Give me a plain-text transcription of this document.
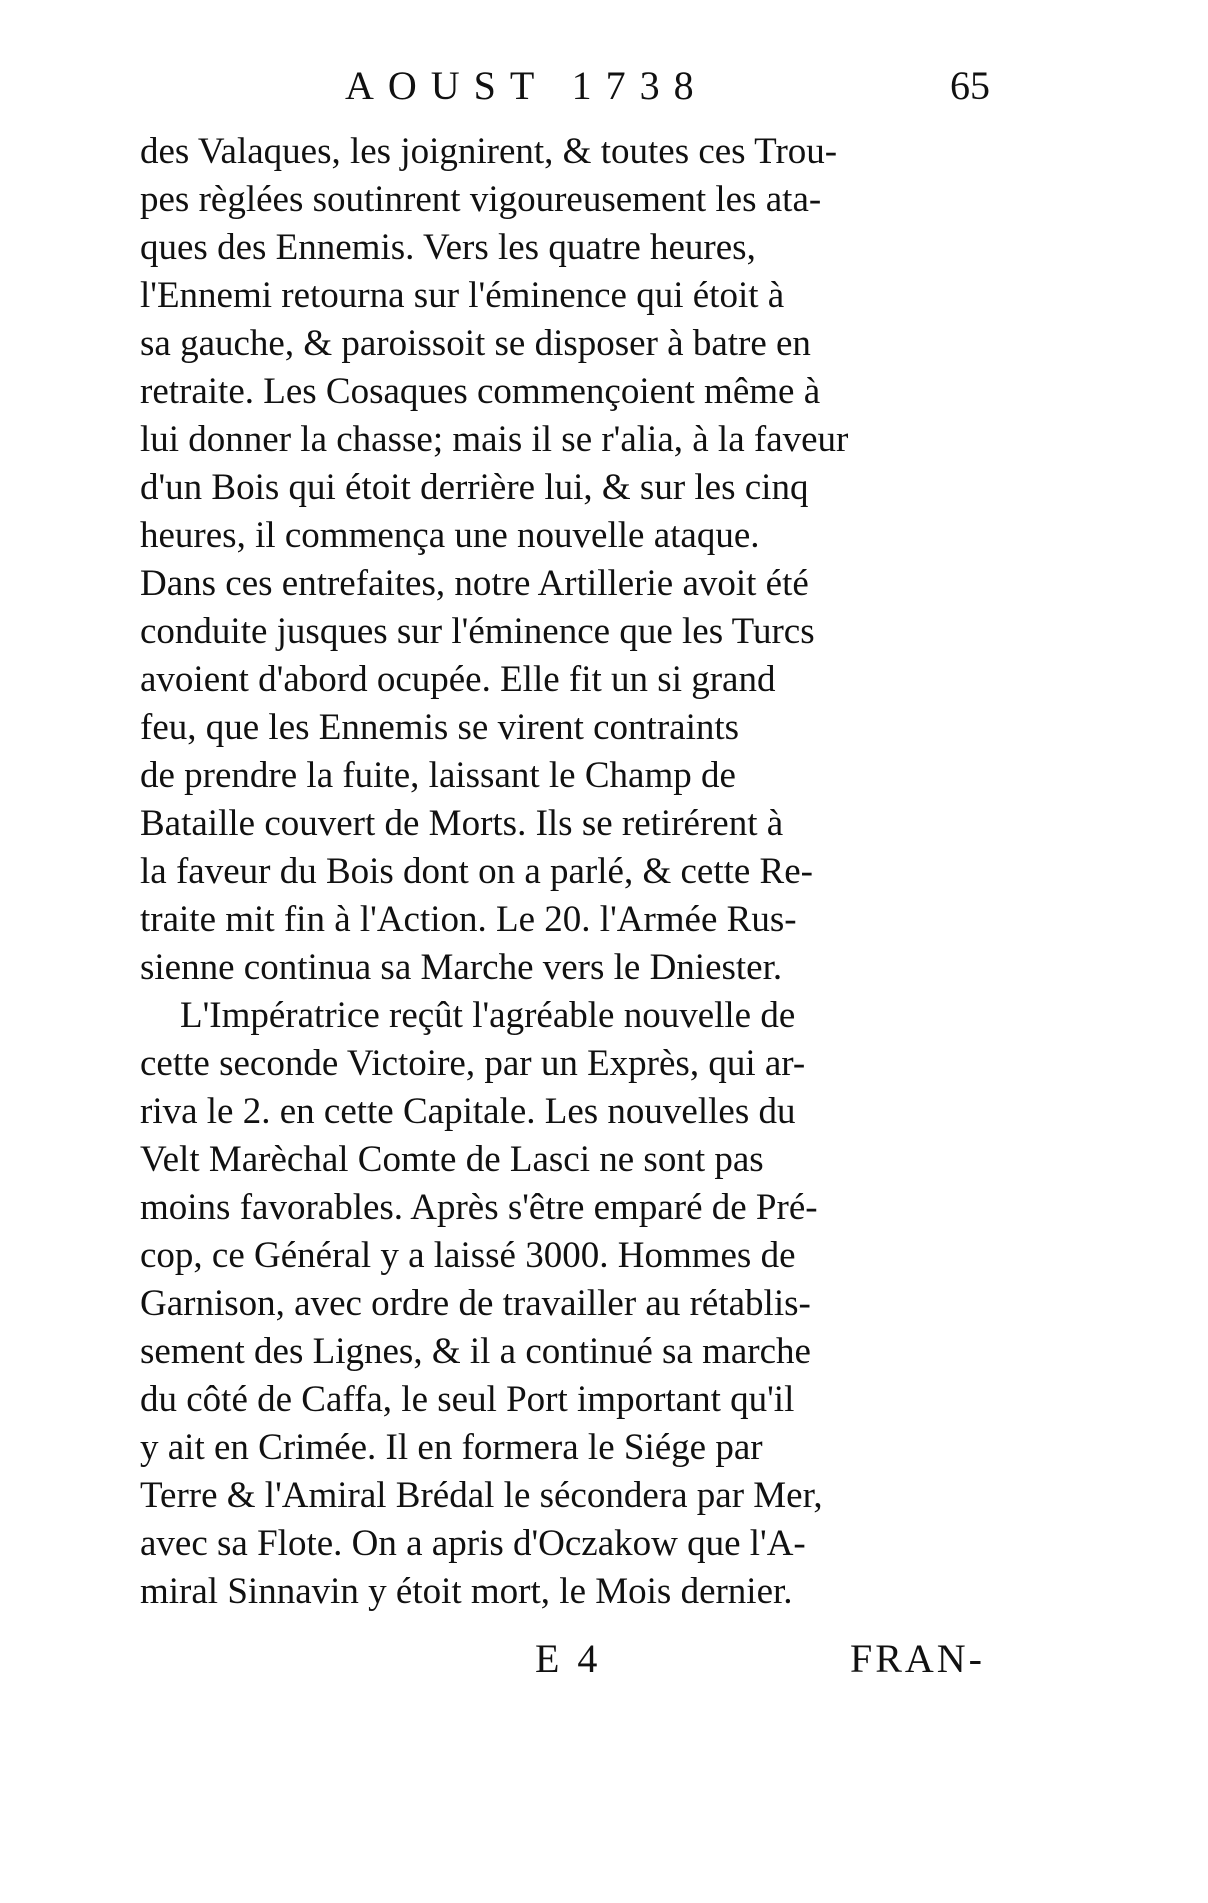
AOUST 1738	65
des Valaques, les joignirent, & toutes ces Trou-
pes règlées soutinrent vigoureusement les ata-
ques des Ennemis. Vers les quatre heures,
l'Ennemi retourna sur l'éminence qui étoit à
sa gauche, & paroissoit se disposer à batre en
retraite. Les Cosaques commençoient même à
lui donner la chasse; mais il se r'alia, à la faveur
d'un Bois qui étoit derrière lui, & sur les cinq
heures, il commença une nouvelle ataque.
Dans ces entrefaites, notre Artillerie avoit été
conduite jusques sur l'éminence que les Turcs
avoient d'abord ocupée. Elle fit un si grand
feu, que les Ennemis se virent contraints
de prendre la fuite, laissant le Champ de
Bataille couvert de Morts. Ils se retirérent à
la faveur du Bois dont on a parlé, & cette Re-
traite mit fin à l'Action. Le 20. l'Armée Rus-
sienne continua sa Marche vers le Dniester.
L'Impératrice reçût l'agréable nouvelle de
cette seconde Victoire, par un Exprès, qui ar-
riva le 2. en cette Capitale. Les nouvelles du
Velt Marèchal Comte de Lasci ne sont pas
moins favorables. Après s'être emparé de Pré-
cop, ce Général y a laissé 3000. Hommes de
Garnison, avec ordre de travailler au rétablis-
sement des Lignes, & il a continué sa marche
du côté de Caffa, le seul Port important qu'il
y ait en Crimée. Il en formera le Siége par
Terre & l'Amiral Brédal le sécondera par Mer,
avec sa Flote. On a apris d'Oczakow que l'A-
miral Sinnavin y étoit mort, le Mois dernier.
E 4	FRAN-
